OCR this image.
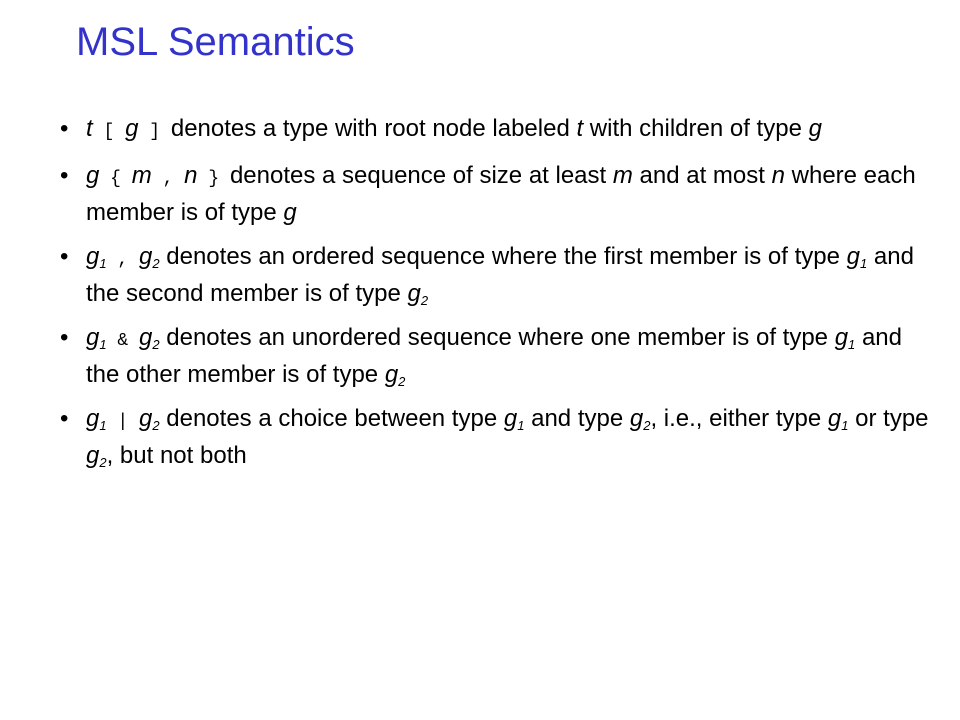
MSL Semantics
• t [ g ] denotes a type with root node labeled t with children of type g
• g { m , n } denotes a sequence of size at least m and at most n where each member is of type g
• $g_1$ , $g_2$ denotes an ordered sequence where the first member is of type $g_1$ and the second member is of type $g_2$
• $g_1$ & $g_2$ denotes an unordered sequence where one member is of type $g_1$ and the other member is of type $g_2$
• $g_1$ | $g_2$ denotes a choice between type $g_1$ and type $g_2$, i.e., either type $g_1$ or type $g_2$, but not both
